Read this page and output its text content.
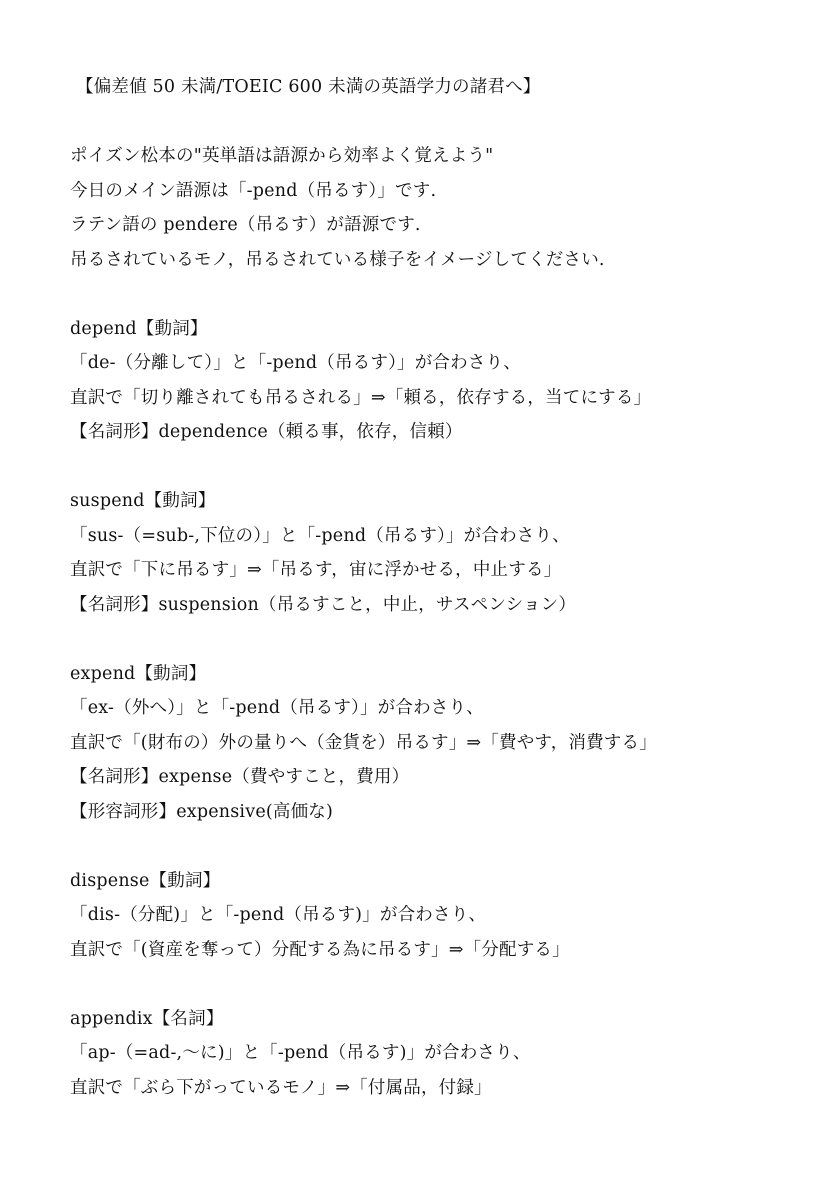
【偏差値 50 未満/TOEIC 600 未満の英語学力の諸君へ】
ポイズン松本の"英単語は語源から効率よく覚えよう"
今日のメイン語源は「-pend（吊るす）」です.
ラテン語の pendere（吊るす）が語源です.
吊るされているモノ，吊るされている様子をイメージしてください.
depend【動詞】
「de-（分離して）」と「-pend（吊るす）」が合わさり、
直訳で「切り離されても吊るされる」⇒「頼る，依存する，当てにする」
【名詞形】dependence（頼る事，依存，信頼）
suspend【動詞】
「sus-（=sub-,下位の）」と「-pend（吊るす）」が合わさり、
直訳で「下に吊るす」⇒「吊るす，宙に浮かせる，中止する」
【名詞形】suspension（吊るすこと，中止，サスペンション）
expend【動詞】
「ex-（外へ）」と「-pend（吊るす）」が合わさり、
直訳で「(財布の）外の量りへ（金貨を）吊るす」⇒「費やす，消費する」
【名詞形】expense（費やすこと，費用）
【形容詞形】expensive(高価な)
dispense【動詞】
「dis-（分配)」と「-pend（吊るす)」が合わさり、
直訳で「(資産を奪って）分配する為に吊るす」⇒「分配する」
appendix【名詞】
「ap-（=ad-,〜に)」と「-pend（吊るす)」が合わさり、
直訳で「ぶら下がっているモノ」⇒「付属品，付録」
